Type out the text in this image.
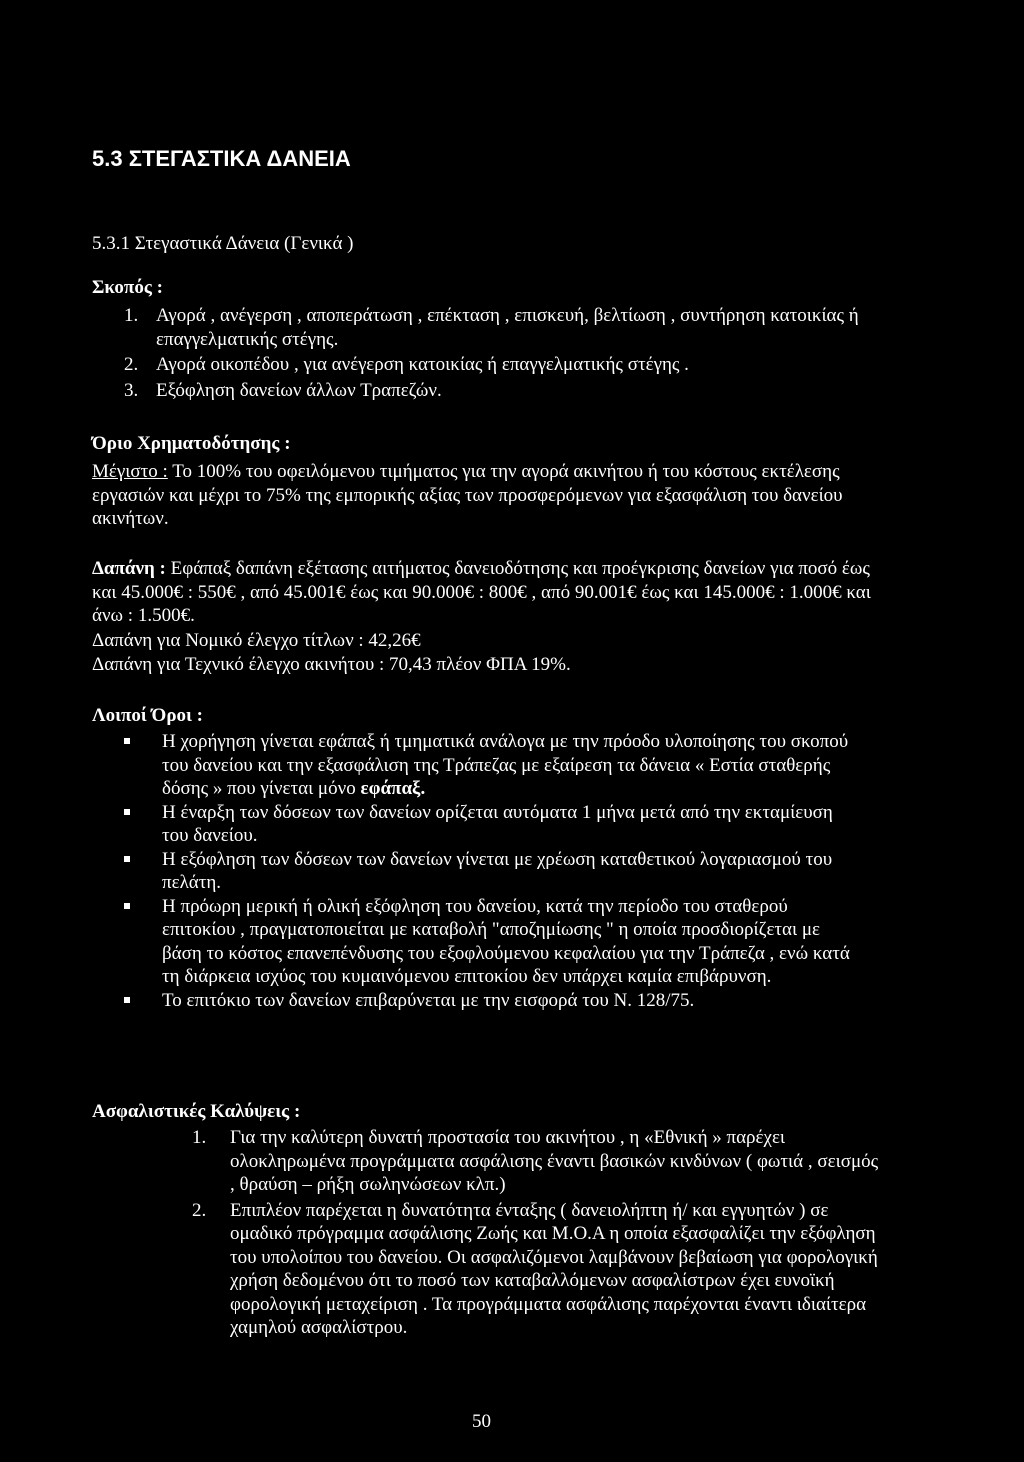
5.3 ΣΤΕΓΑΣΤΙΚΑ ΔΑΝΕΙΑ
5.3.1 Στεγαστικά Δάνεια (Γενικά )
Σκοπός :
1. Αγορά , ανέγερση , αποπεράτωση , επέκταση , επισκευή, βελτίωση , συντήρηση κατοικίας ή επαγγελματικής στέγης.
2. Αγορά οικοπέδου , για ανέγερση κατοικίας ή επαγγελματικής στέγης .
3. Εξόφληση δανείων άλλων Τραπεζών.
Όριο Χρηματοδότησης :

Μέγιστο : Το 100% του οφειλόμενου τιμήματος για την αγορά ακινήτου ή του κόστους εκτέλεσης εργασιών και μέχρι το 75% της εμπορικής αξίας των προσφερόμενων για εξασφάλιση του δανείου ακινήτων.

Δαπάνη : Εφάπαξ δαπάνη εξέτασης αιτήματος δανειοδότησης και προέγκρισης δανείων για ποσό έως και 45.000€ : 550€ , από 45.001€ έως και 90.000€ : 800€ , από 90.001€ έως και 145.000€ : 1.000€ και άνω : 1.500€.

Δαπάνη για Νομικό έλεγχο τίτλων : 42,26€
Δαπάνη για Τεχνικό έλεγχο ακινήτου : 70,43 πλέον ΦΠΑ 19%.
Λοιποί Όροι :
Η χορήγηση γίνεται εφάπαξ ή τμηματικά ανάλογα με την πρόοδο υλοποίησης του σκοπού του δανείου και την εξασφάλιση της Τράπεζας με εξαίρεση τα δάνεια « Εστία σταθερής δόσης » που γίνεται μόνο εφάπαξ.
Η έναρξη των δόσεων των δανείων ορίζεται αυτόματα 1 μήνα μετά από την εκταμίευση του δανείου.
Η εξόφληση των δόσεων των δανείων γίνεται με χρέωση καταθετικού λογαριασμού του πελάτη.
Η πρόωρη μερική ή ολική εξόφληση του δανείου, κατά την περίοδο του σταθερού επιτοκίου , πραγματοποιείται με καταβολή "αποζημίωσης " η οποία προσδιορίζεται με βάση το κόστος επανεπένδυσης του εξοφλούμενου κεφαλαίου για την Τράπεζα , ενώ κατά τη διάρκεια ισχύος του κυμαινόμενου επιτοκίου δεν υπάρχει καμία επιβάρυνση.
Το επιτόκιο των δανείων επιβαρύνεται με την εισφορά του Ν. 128/75.
Ασφαλιστικές Καλύψεις :
1. Για την καλύτερη δυνατή προστασία του ακινήτου , η «Εθνική » παρέχει ολοκληρωμένα προγράμματα ασφάλισης έναντι βασικών κινδύνων ( φωτιά , σεισμός , θραύση – ρήξη σωληνώσεων κλπ.)
2. Επιπλέον παρέχεται η δυνατότητα ένταξης ( δανειολήπτη ή/ και εγγυητών ) σε ομαδικό πρόγραμμα ασφάλισης Ζωής και Μ.Ο.Α η οποία εξασφαλίζει την εξόφληση του υπολοίπου του δανείου. Οι ασφαλιζόμενοι λαμβάνουν βεβαίωση για φορολογική χρήση δεδομένου ότι το ποσό των καταβαλλόμενων ασφαλίστρων έχει ευνοϊκή φορολογική μεταχείριση . Τα προγράμματα ασφάλισης παρέχονται έναντι ιδιαίτερα χαμηλού ασφαλίστρου.
50
